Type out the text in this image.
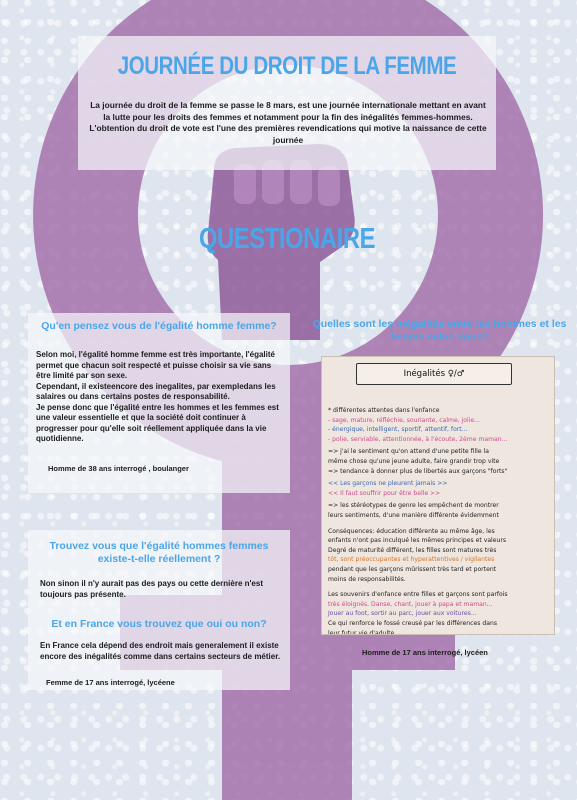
JOURNÉE DU DROIT DE LA FEMME
La journée du droit de la femme se passe le 8 mars, est une journée internationale mettant en avant la lutte pour les droits des femmes et notamment pour la fin des inégalités femmes-hommes. L'obtention du droit de vote est l'une des premières revendications qui motive la naissance de cette journée
QUESTIONAIRE
Qu'en pensez vous de l'égalité homme femme?
Selon moi, l'égalité homme femme est très importante, l'égalité permet que chacun soit respecté et puisse choisir sa vie sans être limité par son sexe.
Cependant, il existeencore des inegalites, par exempledans les salaires ou dans certains postes de responsabilité.
Je pense donc que l'égalité entre les hommes et les femmes est une valeur essentielle et que la société doit continuer à progresser pour qu'elle soit réellement appliquée dans la vie quotidienne.
Homme de 38 ans interrogé , boulanger
Quelles sont les inégalités entre les hommes et les femme selon vous?
Inégalités ♀/♂
* différentes attentes dans l'enfance
- sage, mature, réfléchie, souriante, calme, jolie...
- énergique, intelligent, sportif, attentif, fort...
- polie, serviable, attentionnée, à l'écoute, 2ème maman...
=> j'ai le sentiment qu'on attend d'une petite fille la
même chose qu'une jeune adulte, faire grandir trop vite
=> tendance à donner plus de libertés aux garçons "forts"
<< Les garçons ne pleurent jamais >>
<< Il faut souffrir pour être belle >>
=> les stéréotypes de genre les empêchent de montrer
leurs sentiments, d'une manière différente évidemment
Conséquences: éducation différente au même âge, les
enfants n'ont pas inculqué les mêmes principes et valeurs
Degré de maturité différent, les filles sont matures très
tôt, sont préoccupantes et hyperattentives / vigilantes
pendant que les garçons mûrissent très tard et portent
moins de responsabilités.
Les souvenirs d'enfance entre filles et garçons sont parfois
très éloignés. Danse, chant, jouer à papa et maman...
Jouer au foot, sortir au parc, jouer aux voitures...
Ce qui renforce le fossé creusé par les différences dans
leur futur vie d'adulte...
Homme de 17 ans interrogé, lycéen
Trouvez vous que l'égalité hommes femmes existe-t-elle réellement ?
Non sinon il n'y aurait pas des pays ou cette dernière n'est toujours pas présente.
Et en France vous trouvez que oui ou non?
En France cela dépend des endroit mais generalement il existe encore des inégalités comme dans certains secteurs de métier.
Femme de 17 ans interrogé, lycéene
